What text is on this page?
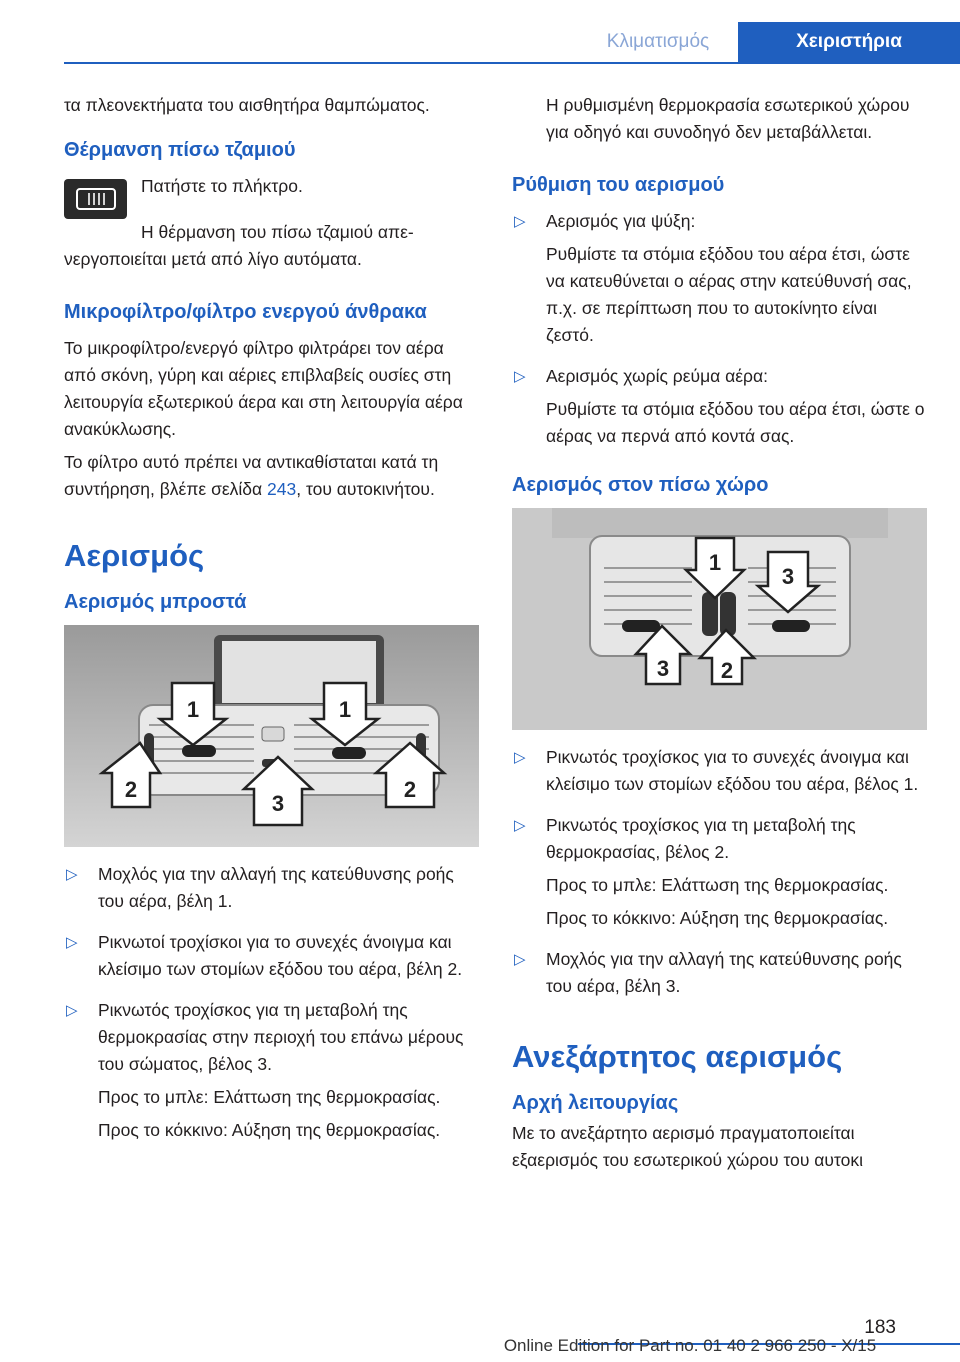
Κλιματισμός	Χειριστήρια

τα πλεονεκτήματα του αισθητήρα θαμπώματος.

Θέρμανση πίσω τζαμιού

Πατήστε το πλήκτρο.

Η θέρμανση του πίσω τζαμιού απενεργοποιείται μετά από λίγο αυτόματα.

Μικροφίλτρο/φίλτρο ενεργού άνθρακα

Το μικροφίλτρο/ενεργό φίλτρο φιλτράρει τον αέρα από σκόνη, γύρη και αέριες επιβλαβείς ουσίες στη λειτουργία εξωτερικού άερα και στη λειτουργία αέρα ανακύκλωσης.

Το φίλτρο αυτό πρέπει να αντικαθίσταται κατά τη συντήρηση, βλέπε σελίδα 243, του αυτοκινήτου.

Αερισμός
Αερισμός μπροστά
1	1
2
3
2
▷ Μοχλός για την αλλαγή της κατεύθυνσης ροής του αέρα, βέλη 1.
▷ Ρικνωτοί τροχίσκοι για το συνεχές άνοιγμα και κλείσιμο των στομίων εξόδου του αέρα, βέλη 2.
▷ Ρικνωτός τροχίσκος για τη μεταβολή της θερμοκρασίας στην περιοχή του επάνω μέρους του σώματος, βέλος 3.

Προς το μπλε: Ελάττωση της θερμοκρασίας.

Προς το κόκκινο: Αύξηση της θερμοκρασίας.

Η ρυθμισμένη θερμοκρασία εσωτερικού χώρου για οδηγό και συνοδηγό δεν μεταβάλλεται.

Ρύθμιση του αερισμού
▷ Αερισμός για ψύξη:

Ρυθμίστε τα στόμια εξόδου του αέρα έτσι, ώστε να κατευθύνεται ο αέρας στην κατεύθυνσή σας, π.χ. σε περίπτωση που το αυτοκίνητο είναι ζεστό.

▷ Αερισμός χωρίς ρεύμα αέρα:

Ρυθμίστε τα στόμια εξόδου του αέρα έτσι, ώστε ο αέρας να περνά από κοντά σας.

Αερισμός στον πίσω χώρο
1
3
3 2
▷ Ρικνωτός τροχίσκος για το συνεχές άνοιγμα και κλείσιμο των στομίων εξόδου του αέρα, βέλος 1.
▷ Ρικνωτός τροχίσκος για τη μεταβολή της θερμοκρασίας, βέλος 2.

Προς το μπλε: Ελάττωση της θερμοκρασίας.

Προς το κόκκινο: Αύξηση της θερμοκρασίας.

▷ Μοχλός για την αλλαγή της κατεύθυνσης ροής του αέρα, βέλη 3.
Ανεξάρτητος αερισμός
Αρχή λειτουργίας

Με το ανεξάρτητο αερισμό πραγματοποιείται εξαερισμός του εσωτερικού χώρου του αυτοκι

183
Online Edition for Part no. 01 40 2 966 250 - X/15
